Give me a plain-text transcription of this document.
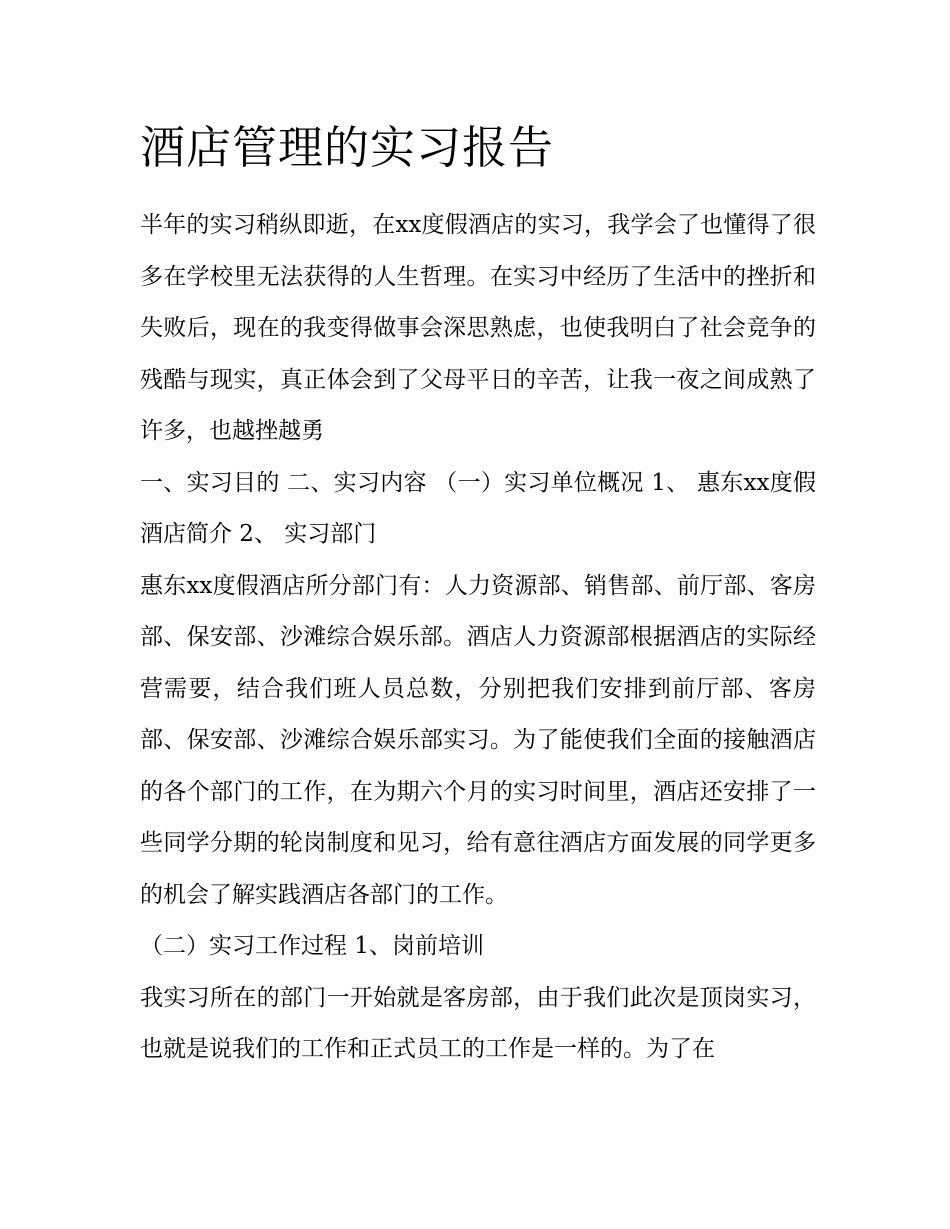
酒店管理的实习报告

半年的实习稍纵即逝，在xx度假酒店的实习，我学会了也懂得了很多在学校里无法获得的人生哲理。在实习中经历了生活中的挫折和失败后，现在的我变得做事会深思熟虑，也使我明白了社会竞争的残酷与现实，真正体会到了父母平日的辛苦，让我一夜之间成熟了许多，也越挫越勇

一、实习目的 二、实习内容 （一）实习单位概况 1、 惠东xx度假酒店简介 2、 实习部门

惠东xx度假酒店所分部门有：人力资源部、销售部、前厅部、客房部、保安部、沙滩综合娱乐部。酒店人力资源部根据酒店的实际经营需要，结合我们班人员总数，分别把我们安排到前厅部、客房部、保安部、沙滩综合娱乐部实习。为了能使我们全面的接触酒店的各个部门的工作，在为期六个月的实习时间里，酒店还安排了一些同学分期的轮岗制度和见习，给有意往酒店方面发展的同学更多的机会了解实践酒店各部门的工作。

（二）实习工作过程 1、岗前培训

我实习所在的部门一开始就是客房部，由于我们此次是顶岗实习，也就是说我们的工作和正式员工的工作是一样的。为了在
